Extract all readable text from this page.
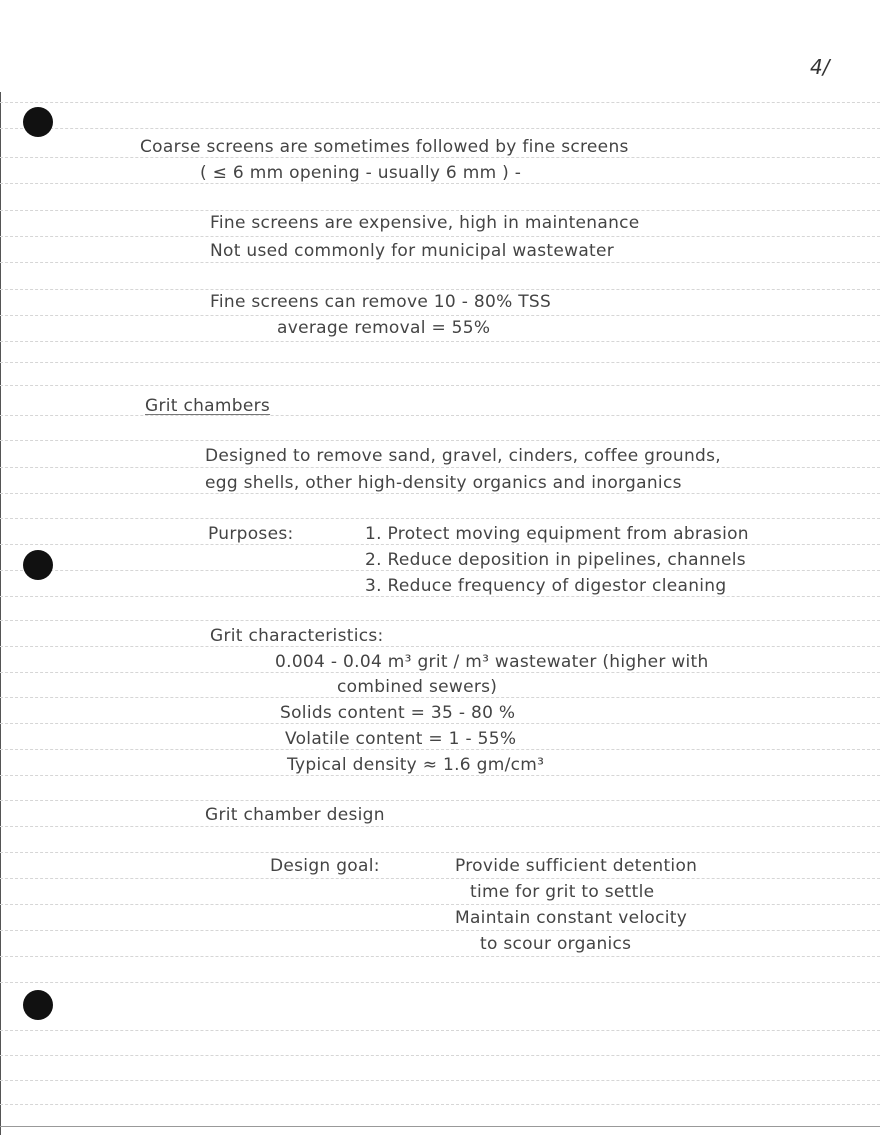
4/
Coarse screens are sometimes followed by fine screens
( ≤ 6 mm opening - usually 6 mm ) -
Fine screens are expensive, high in maintenance
Not used commonly for municipal wastewater
Fine screens can remove 10 - 80% TSS
average removal = 55%
Grit chambers
Designed to remove sand, gravel, cinders, coffee grounds,
egg shells, other high-density organics and inorganics
Purposes:	1. Protect moving equipment from abrasion
2. Reduce deposition in pipelines, channels
3. Reduce frequency of digestor cleaning
Grit characteristics:
0.004 - 0.04 m³ grit / m³ wastewater (higher with
combined sewers)
Solids content = 35 - 80 %
Volatile content = 1 - 55%
Typical density ≈ 1.6 gm/cm³
Grit chamber design
Design goal:	Provide sufficient detention
time for grit to settle
Maintain constant velocity
to scour organics
